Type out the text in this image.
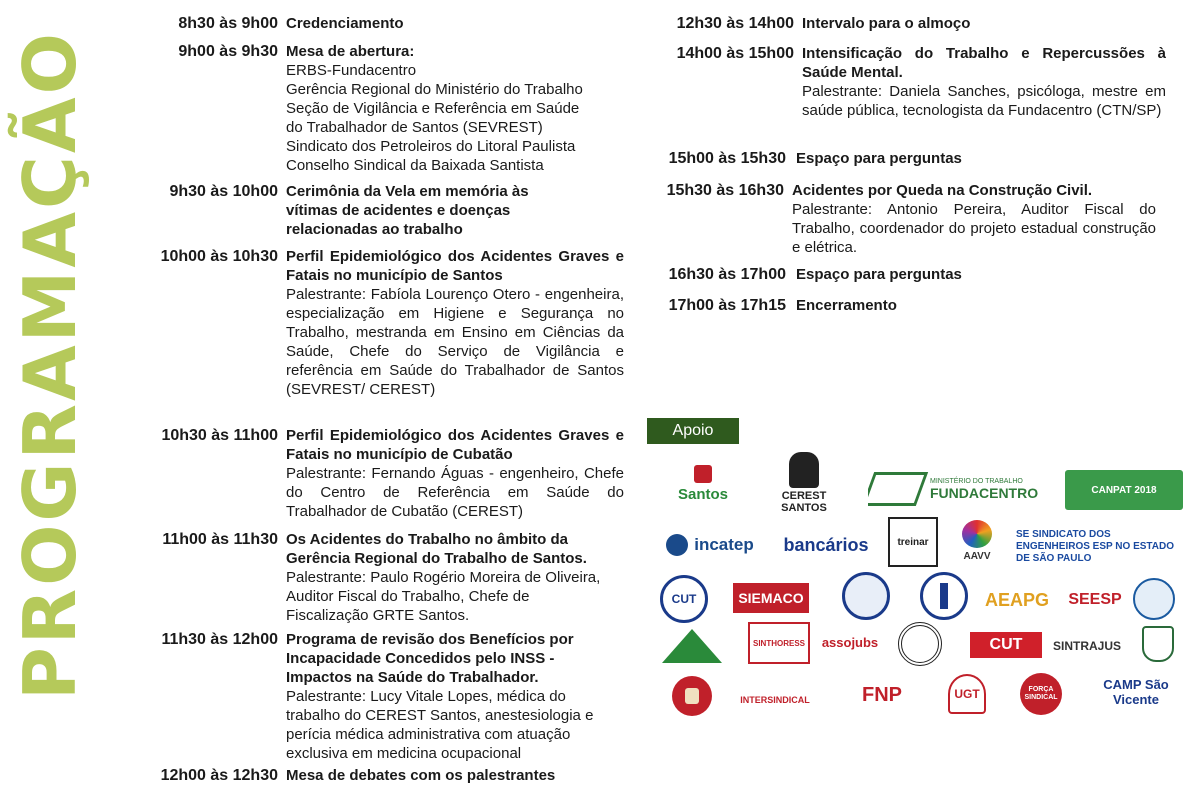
PROGRAMAÇÃO
8h30 às 9h00 Credenciamento
9h00 às 9h30 Mesa de abertura:
ERBS-Fundacentro
Gerência Regional do Ministério do Trabalho
Seção de Vigilância e Referência em Saúde
do Trabalhador de Santos (SEVREST)
Sindicato dos Petroleiros do Litoral Paulista
Conselho Sindical da Baixada Santista
9h30 às 10h00 Cerimônia da Vela em memória às vítimas de acidentes e doenças relacionadas ao trabalho
10h00 às 10h30 Perfil Epidemiológico dos Acidentes Graves e Fatais no município de Santos
Palestrante: Fabíola Lourenço Otero - engenheira, especialização em Higiene e Segurança no Trabalho, mestranda em Ensino em Ciências da Saúde, Chefe do Serviço de Vigilância e referência em Saúde do Trabalhador de Santos (SEVREST/ CEREST)
10h30 às 11h00 Perfil Epidemiológico dos Acidentes Graves e Fatais no município de Cubatão
Palestrante: Fernando Águas - engenheiro, Chefe do Centro de Referência em Saúde do Trabalhador de Cubatão (CEREST)
11h00 às 11h30 Os Acidentes do Trabalho no âmbito da Gerência Regional do Trabalho de Santos. Palestrante: Paulo Rogério Moreira de Oliveira, Auditor Fiscal do Trabalho, Chefe de Fiscalização GRTE Santos.
11h30 às 12h00 Programa de revisão dos Benefícios por Incapacidade Concedidos pelo INSS - Impactos na Saúde do Trabalhador.
Palestrante: Lucy Vitale Lopes, médica do trabalho do CEREST Santos, anestesiologia e perícia médica administrativa com atuação exclusiva em medicina ocupacional
12h00 às 12h30 Mesa de debates com os palestrantes
12h30 às 14h00 Intervalo para o almoço
14h00 às 15h00 Intensificação do Trabalho e Repercussões à Saúde Mental.
Palestrante: Daniela Sanches, psicóloga, mestre em saúde pública, tecnologista da Fundacentro (CTN/SP)
15h00 às 15h30 Espaço para perguntas
15h30 às 16h30 Acidentes por Queda na Construção Civil.
Palestrante: Antonio Pereira, Auditor Fiscal do Trabalho, coordenador do projeto estadual construção e elétrica.
16h30 às 17h00 Espaço para perguntas
17h00 às 17h15 Encerramento
Apoio
Santos	CEREST SANTOS
MINISTÉRIO DO TRABALHO
FUNDACENTRO	CANPAT 2018
incatep bancários	treinar
AAVV
SE SINDICATO DOS ENGENHEIROS ESP NO ESTADO DE SÃO PAULO
CUT	SIEMACO	AEAPG SEESP
SINTHORESS assojubs	CUT	SINTRAJUS
INTERSINDICAL	FNP	UGT	FORÇA SINDICAL
CAMP São Vicente
